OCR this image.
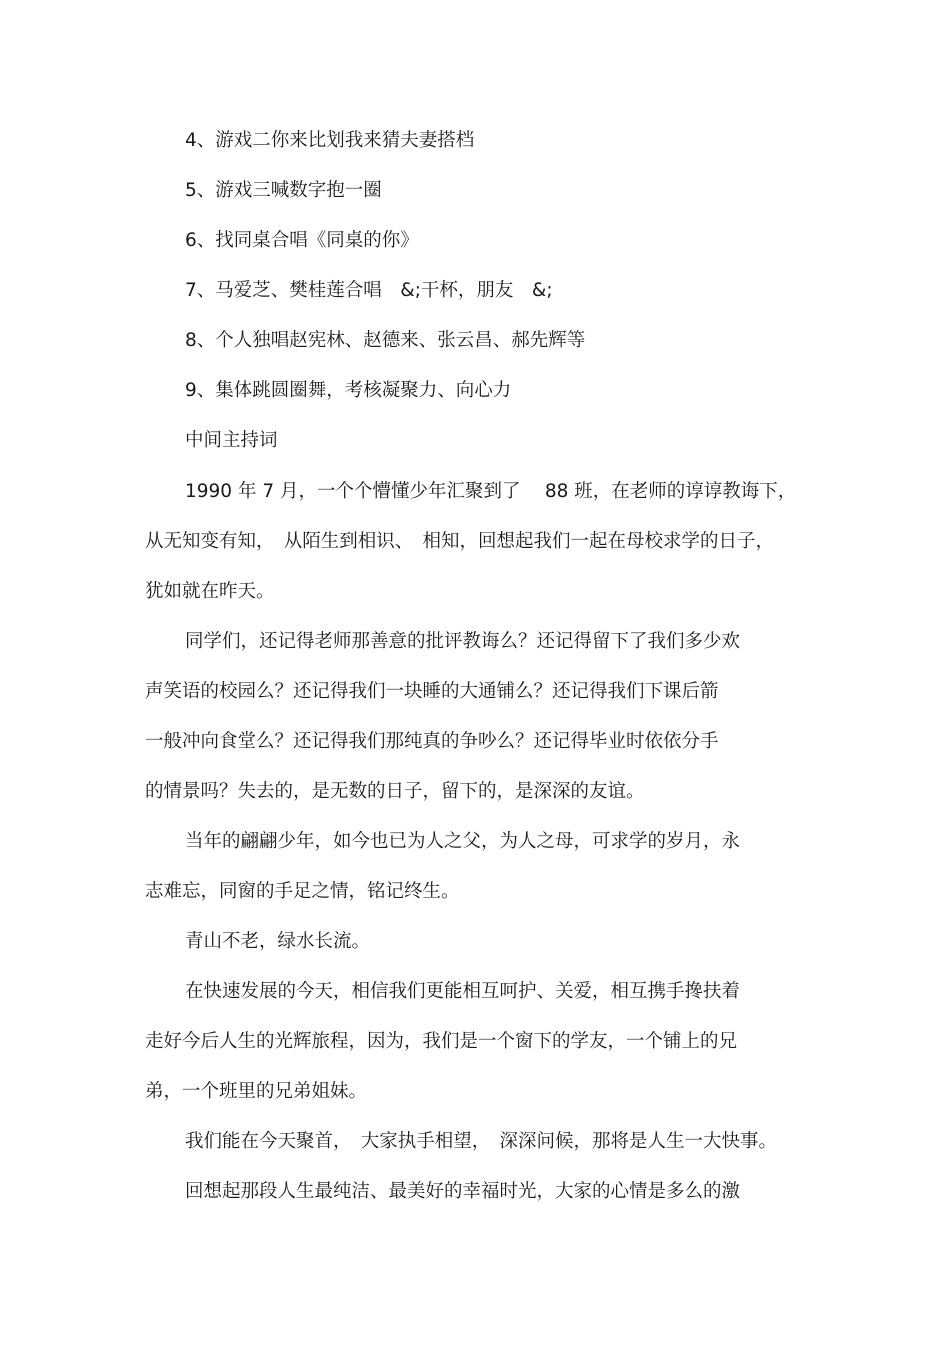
4、游戏二你来比划我来猜夫妻搭档
5、游戏三喊数字抱一圈
6、找同桌合唱《同桌的你》
7、马爱芝、樊桂莲合唱　&;干杯，朋友　&;
8、个人独唱赵宪林、赵德来、张云昌、郝先辉等
9、集体跳圆圈舞，考核凝聚力、向心力
中间主持词
1990 年 7 月，一个个懵懂少年汇聚到了　 88 班，在老师的谆谆教诲下，
从无知变有知，　从陌生到相识、　相知，回想起我们一起在母校求学的日子，
犹如就在昨天。
同学们，还记得老师那善意的批评教诲么？还记得留下了我们多少欢
声笑语的校园么？还记得我们一块睡的大通铺么？还记得我们下课后箭
一般冲向食堂么？还记得我们那纯真的争吵么？还记得毕业时依依分手
的情景吗？失去的，是无数的日子，留下的，是深深的友谊。
当年的翩翩少年，如今也已为人之父，为人之母，可求学的岁月，永
志难忘，同窗的手足之情，铭记终生。
青山不老，绿水长流。
在快速发展的今天，相信我们更能相互呵护、关爱，相互携手搀扶着
走好今后人生的光辉旅程，因为，我们是一个窗下的学友，一个铺上的兄
弟，一个班里的兄弟姐妹。
我们能在今天聚首，　大家执手相望，　深深问候，那将是人生一大快事。
回想起那段人生最纯洁、最美好的幸福时光，大家的心情是多么的激
